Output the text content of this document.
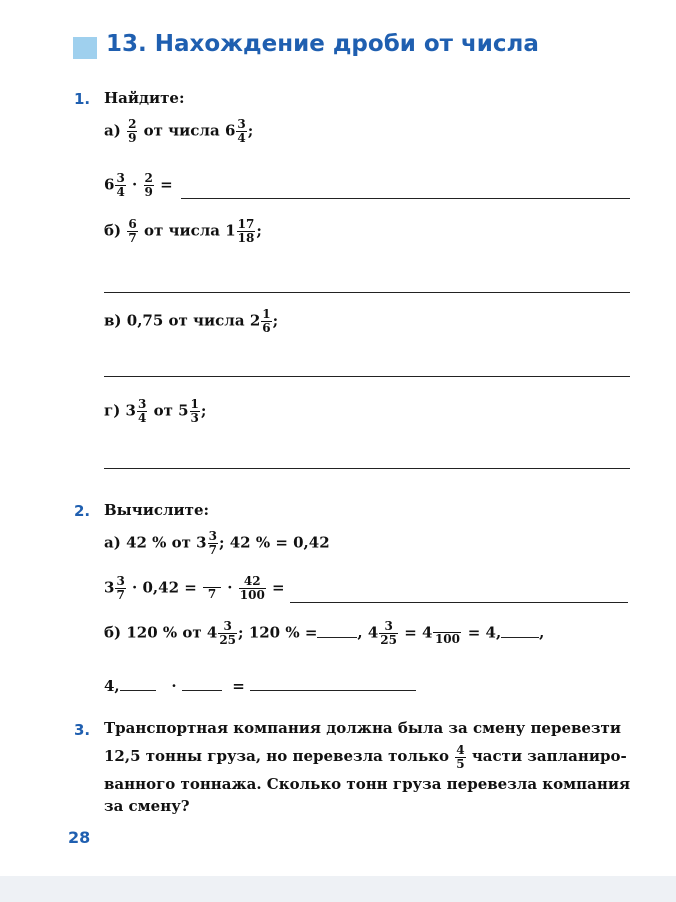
13. Нахождение дроби от числа
1. Найдите:
$а) \frac{2}{9}$ от числа $6 \frac{3}{4}$ ;
$6 \frac{3}{4} \cdot \frac{2}{9}$ =
$б) \frac{6}{7}$ от числа $1 \frac{17}{18}$ ;
в) 0,75 от числа $2 \frac{1}{6}$ ;
г) $3 \frac{3}{4}$ от $5 \frac{1}{3}$ ;
2. Вычислите:
а) 42 % от $3 \frac{3}{7}$ ; 42 % = 0,42
$3 \frac{3}{7} \cdot 0,42 = 7 \cdot \frac{42}{100}$ =
б) 120 % от $4 \frac{3}{25}$ ; 120 % =	, $4 \frac{3}{25} = 4$ 100 = 4,	,
4,	·	=
3. Транспортная компания должна была за смену перевезти
12,5 тонны груза, но перевезла только $\frac{4}{5}$ части запланиро-
ванного тоннажа. Сколько тонн груза перевезла компания
за смену?
28
